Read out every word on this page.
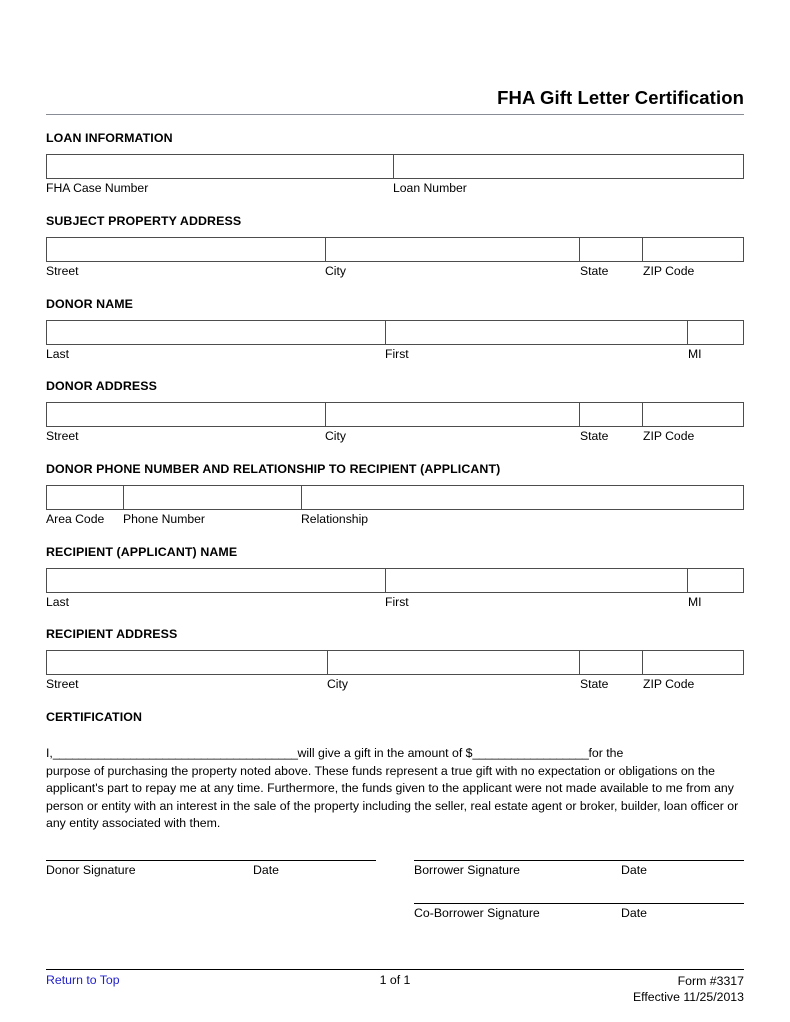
FHA Gift Letter Certification
LOAN INFORMATION
FHA Case Number	Loan Number
SUBJECT PROPERTY ADDRESS
Street	City	State	ZIP Code
DONOR NAME
Last	First	MI
DONOR ADDRESS
Street	City	State	ZIP Code
DONOR PHONE NUMBER AND RELATIONSHIP TO RECIPIENT (APPLICANT)
Area Code	Phone Number	Relationship
RECIPIENT (APPLICANT) NAME
Last	First	MI
RECIPIENT ADDRESS
Street	City	State	ZIP Code
CERTIFICATION
I,______________________________________will give a gift in the amount of $__________________for the
purpose of purchasing the property noted above. These funds represent a true gift with no expectation or obligations on the applicant's part to repay me at any time. Furthermore, the funds given to the applicant were not made available to me from any person or entity with an interest in the sale of the property including the seller, real estate agent or broker, builder, loan officer or any entity associated with them.
Donor Signature	Date	Borrower Signature	Date
Co-Borrower Signature	Date
Return to Top	1 of 1	Form #3317
Effective 11/25/2013
